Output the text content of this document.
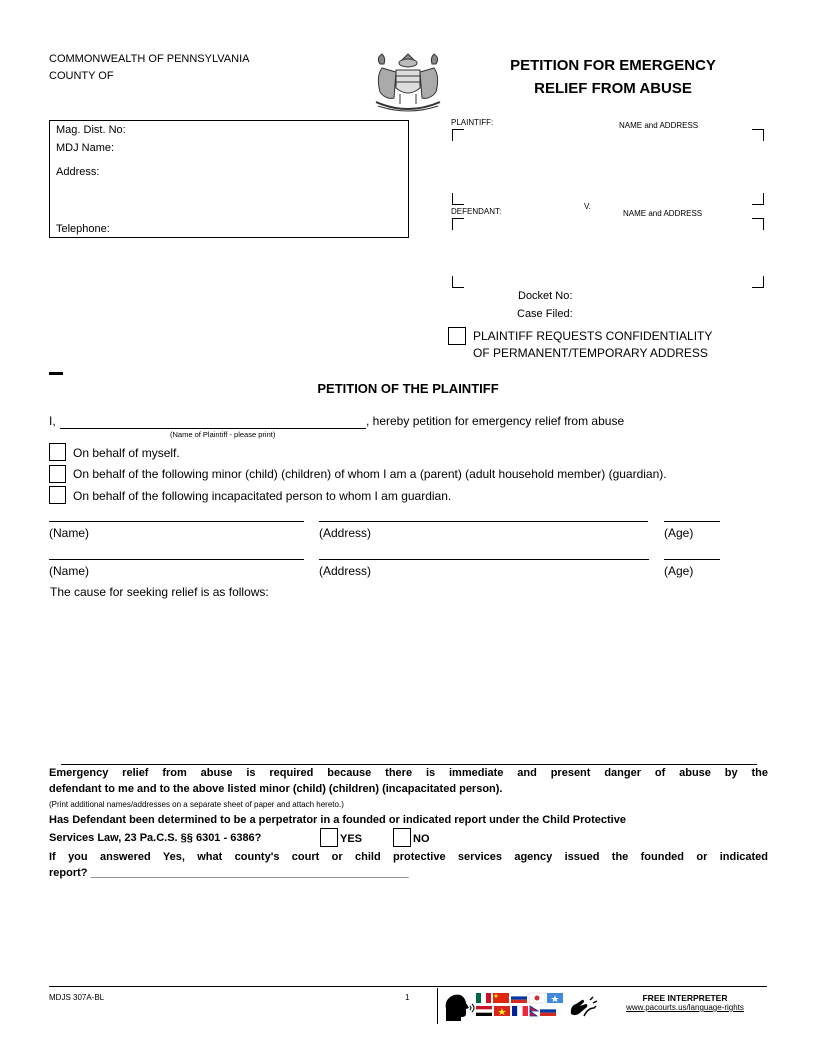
COMMONWEALTH OF PENNSYLVANIA
COUNTY OF
PETITION FOR EMERGENCY
RELIEF FROM ABUSE
Mag. Dist. No:
MDJ Name:
Address:
Telephone:
PLAINTIFF:	NAME and ADDRESS
V.
DEFENDANT:	NAME and ADDRESS
Docket No:
Case Filed:
PLAINTIFF REQUESTS CONFIDENTIALITY
OF PERMANENT/TEMPORARY ADDRESS
PETITION OF THE PLAINTIFF
I,	, hereby petition for emergency relief from abuse
(Name of Plaintiff - please print)
On behalf of myself.
On behalf of the following minor (child) (children) of whom I am a (parent) (adult household member) (guardian).
On behalf of the following incapacitated person to whom I am guardian.
(Name)	(Address)	(Age)
(Name)	(Address)	(Age)
The cause for seeking relief is as follows:
Emergency relief from abuse is required because there is immediate and present danger of abuse by the
defendant to me and to the above listed minor (child) (children) (incapacitated person).
(Print additional names/addresses on a separate sheet of paper and attach hereto.)
Has Defendant been determined to be a perpetrator in a founded or indicated report under the Child Protective
Services Law, 23 Pa.C.S. §§ 6301 - 6386?	YES	NO
If you answered Yes, what county's court or child protective services agency issued the founded or indicated
report? ____________________________________________________
MDJS 307A-BL	1	FREE INTERPRETER
www.pacourts.us/language-rights
